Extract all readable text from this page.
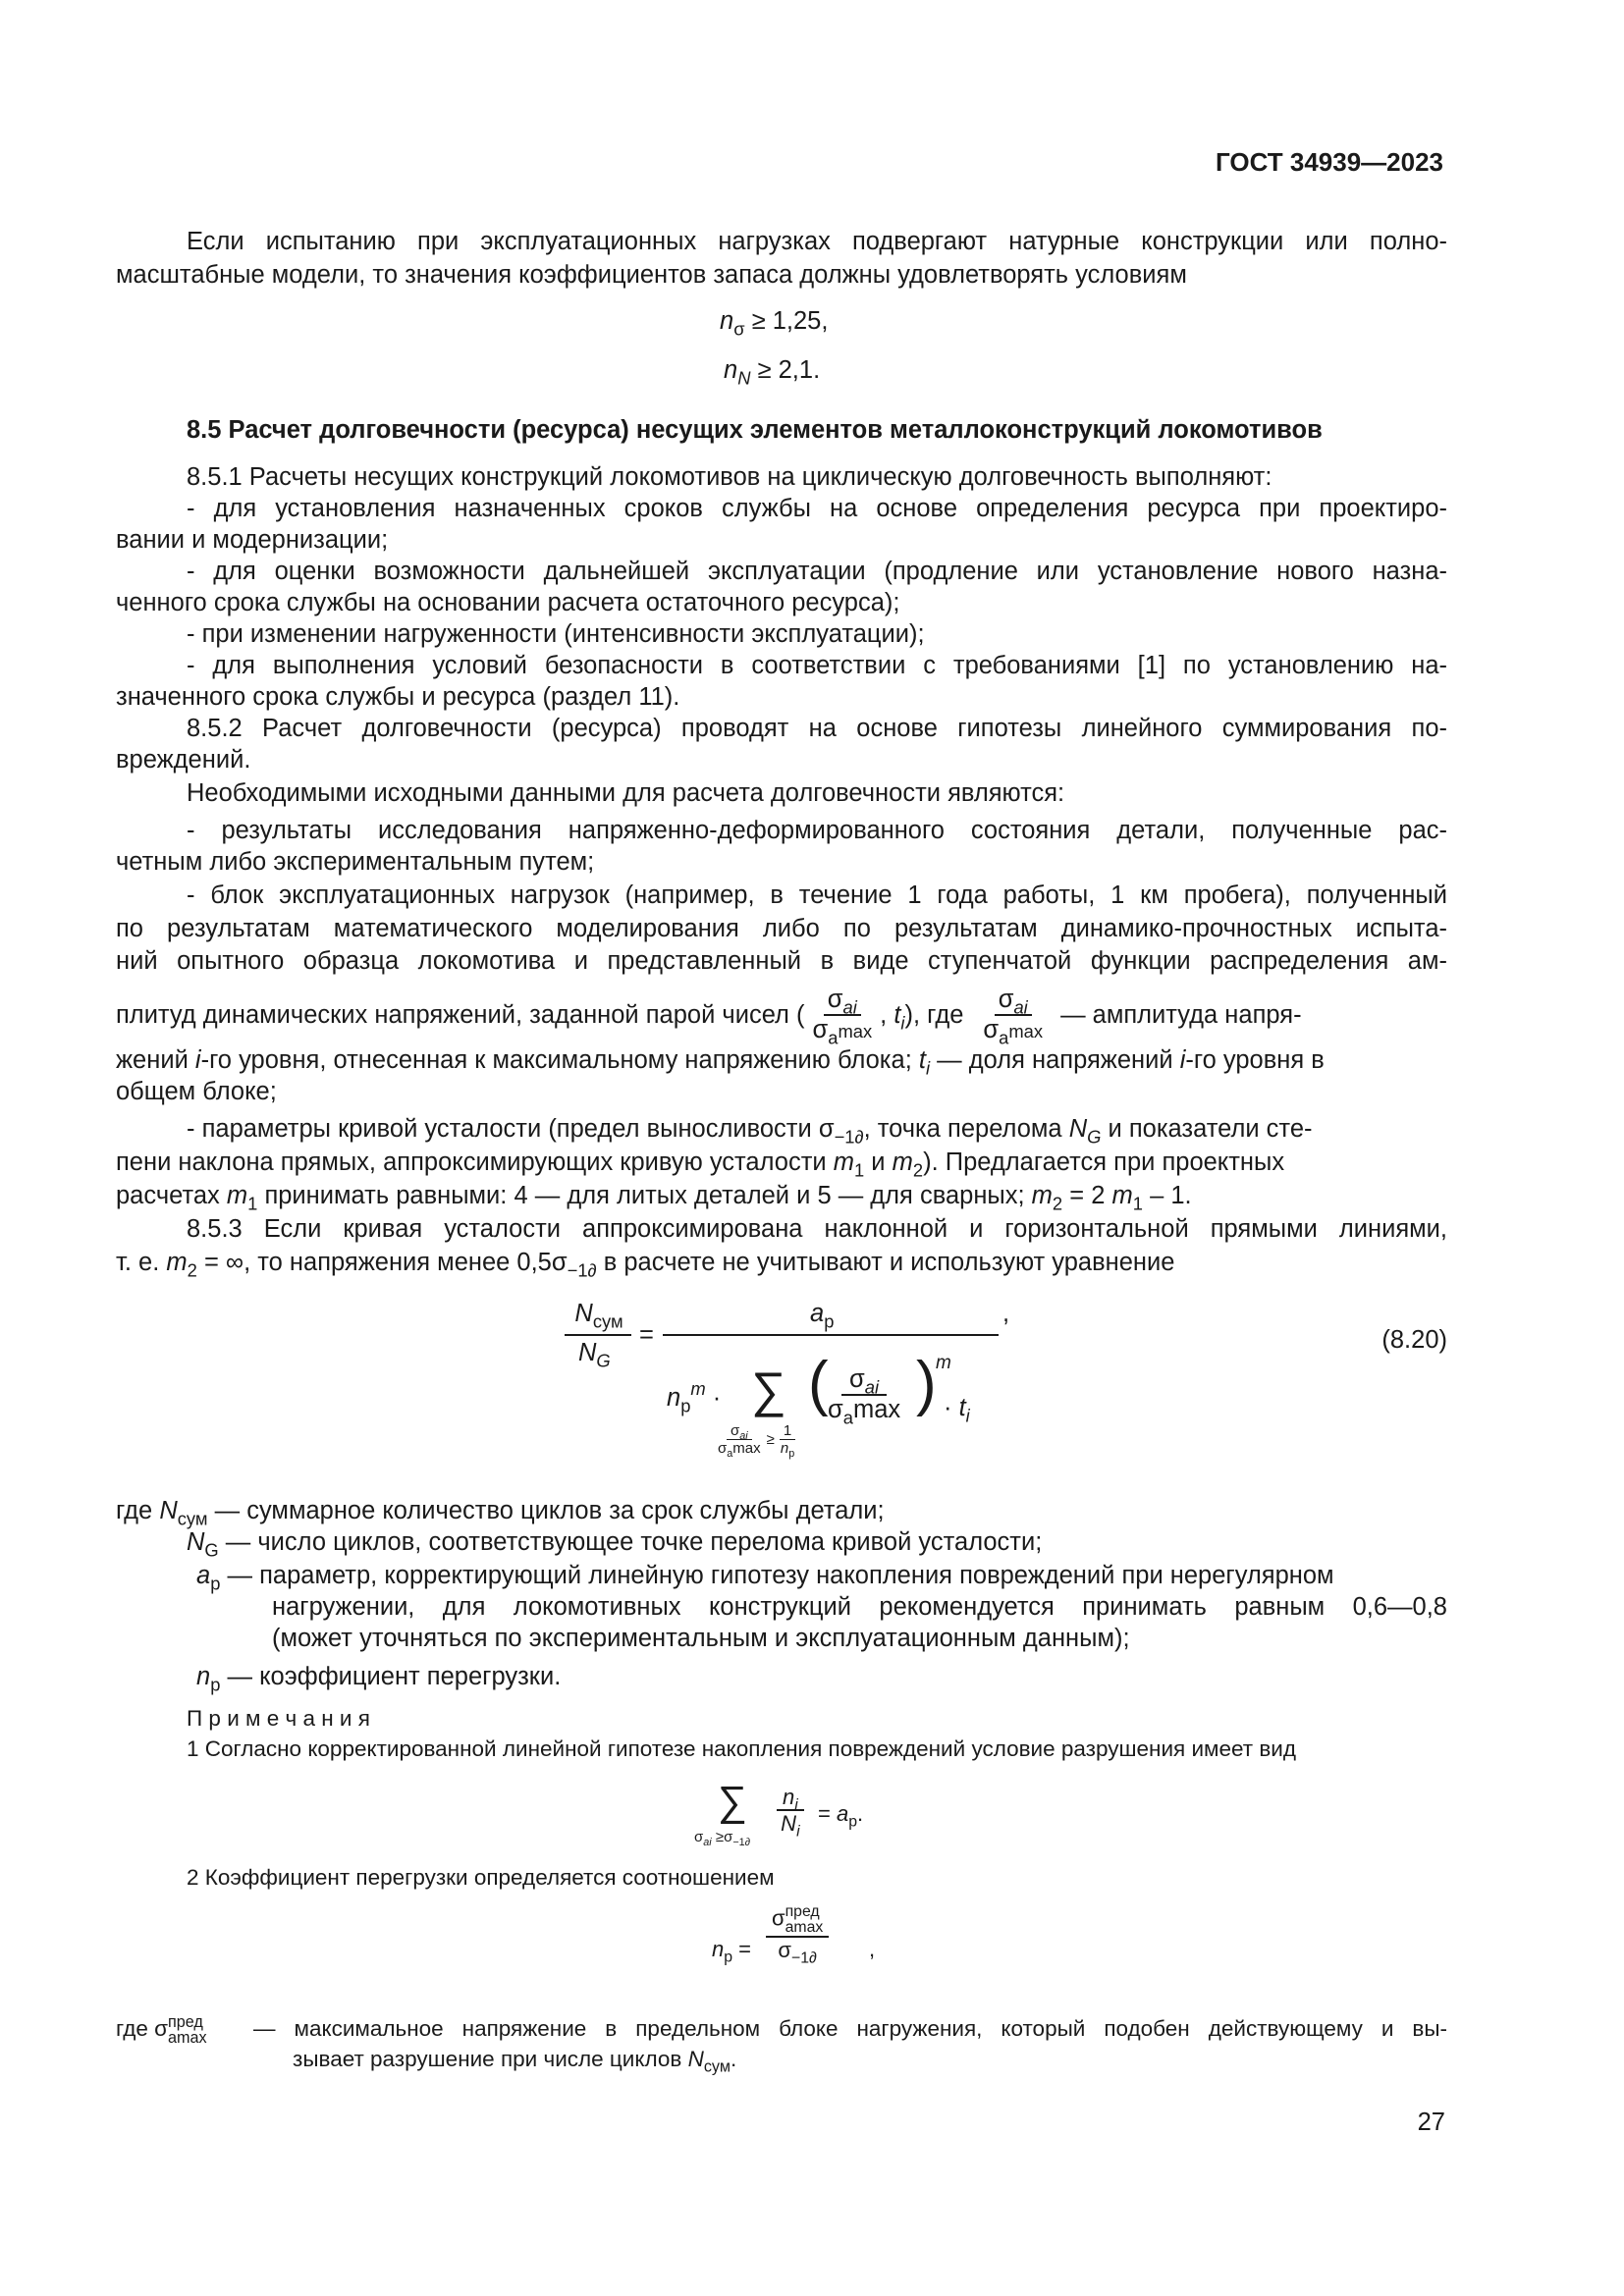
ГОСТ 34939—2023
Если испытанию при эксплуатационных нагрузках подвергают натурные конструкции или полно-
масштабные модели, то значения коэффициентов запаса должны удовлетворять условиям
$n_\sigma \ge 1,25$,
$n_N \ge 2,1$.
8.5 Расчет долговечности (ресурса) несущих элементов металлоконструкций локомотивов
8.5.1 Расчеты несущих конструкций локомотивов на циклическую долговечность выполняют:
- для установления назначенных сроков службы на основе определения ресурса при проектиро-
вании и модернизации;
- для оценки возможности дальнейшей эксплуатации (продление или установление нового назна-
ченного срока службы на основании расчета остаточного ресурса);
- при изменении нагруженности (интенсивности эксплуатации);
- для выполнения условий безопасности в соответствии с требованиями [1] по установлению на-
значенного срока службы и ресурса (раздел 11).
8.5.2 Расчет долговечности (ресурса) проводят на основе гипотезы линейного суммирования по-
вреждений.
Необходимыми исходными данными для расчета долговечности являются:
- результаты исследования напряженно-деформированного состояния детали, полученные рас-
четным либо экспериментальным путем;
- блок эксплуатационных нагрузок (например, в течение 1 года работы, 1 км пробега), полученный
по результатам математического моделирования либо по результатам динамико-прочностных испыта-
ний опытного образца локомотива и представленный в виде ступенчатой функции распределения ам-
плитуд динамических напряжений, заданной парой чисел ( $\frac{\sigma_{ai}}{\sigma_a\max}$ , $t_i$ ), где $\frac{\sigma_{ai}}{\sigma_a\max}$ — амплитуда напря-
жений i-го уровня, отнесенная к максимальному напряжению блока; $t_i$ — доля напряжений i-го уровня в
общем блоке;
- параметры кривой усталости (предел выносливости $\sigma_{-1\partial}$, точка перелома $N_G$ и показатели сте-
пени наклона прямых, аппроксимирующих кривую усталости $m_1$ и $m_2$). Предлагается при проектных
расчетах $m_1$ принимать равными: 4 — для литых деталей и 5 — для сварных; $m_2 = 2$ $m_1 - 1$.
8.5.3 Если кривая усталости аппроксимирована наклонной и горизонтальной прямыми линиями,
т. е. $m_2$ = ∞, то напряжения менее $0,5\sigma_{-1\partial}$ в расчете не учитывают и используют уравнение
$N_{сум}$
$N_G$
=
$a_р$
$n_р^m$ · ∑
$\frac{\sigma_{ai}}{\sigma_a\max} \ge \frac{1}{n_р}$
(
$\frac{\sigma_{ai}}{\sigma_a\max}$ ) m
· $t_i$
,
(8.20)
где $N_{сум}$ — суммарное количество циклов за срок службы детали;
$N_G$ — число циклов, соответствующее точке перелома кривой усталости;
$a_р$ — параметр, корректирующий линейную гипотезу накопления повреждений при нерегулярном
нагружении, для локомотивных конструкций рекомендуется принимать равным 0,6—0,8
(может уточняться по экспериментальным и эксплуатационным данным);
$n_р$ — коэффициент перегрузки.
П р и м е ч а н и я
1 Согласно корректированной линейной гипотезе накопления повреждений условие разрушения имеет вид
∑
$\sigma_{ai} \ge\sigma_{-1\partial}$
$\frac{n_i}{N_i} = a_р$.
2 Коэффициент перегрузки определяется соотношением
$n_р = \sigma$ пред
amax
$\sigma_{-1\partial}$ ,
где σ пред
amax — максимальное напряжение в предельном блоке нагружения, который подобен действующему и вы-
зывает разрушение при числе циклов $N_{сум}$.
27
